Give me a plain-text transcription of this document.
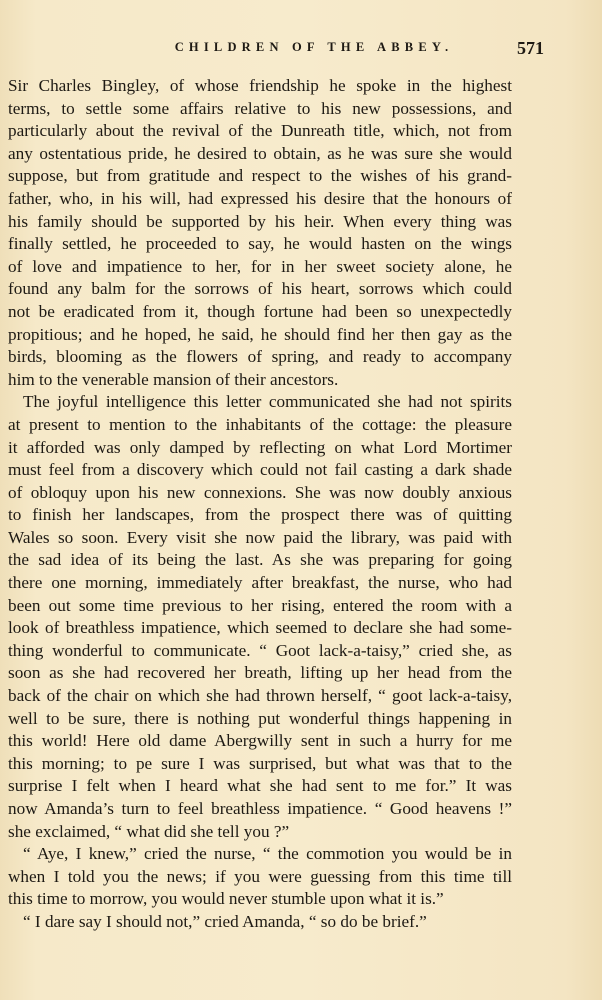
CHILDREN OF THE ABBEY.	571
Sir Charles Bingley, of whose friendship he spoke in the highest
terms, to settle some affairs relative to his new possessions, and
particularly about the revival of the Dunreath title, which, not from
any ostentatious pride, he desired to obtain, as he was sure she would
suppose, but from gratitude and respect to the wishes of his grand-
father, who, in his will, had expressed his desire that the honours of
his family should be supported by his heir. When every thing was
finally settled, he proceeded to say, he would hasten on the wings
of love and impatience to her, for in her sweet society alone, he
found any balm for the sorrows of his heart, sorrows which could
not be eradicated from it, though fortune had been so unexpectedly
propitious; and he hoped, he said, he should find her then gay as the
birds, blooming as the flowers of spring, and ready to accompany
him to the venerable mansion of their ancestors.
The joyful intelligence this letter communicated she had not spirits
at present to mention to the inhabitants of the cottage: the pleasure
it afforded was only damped by reflecting on what Lord Mortimer
must feel from a discovery which could not fail casting a dark shade
of obloquy upon his new connexions. She was now doubly anxious
to finish her landscapes, from the prospect there was of quitting
Wales so soon. Every visit she now paid the library, was paid with
the sad idea of its being the last. As she was preparing for going
there one morning, immediately after breakfast, the nurse, who had
been out some time previous to her rising, entered the room with a
look of breathless impatience, which seemed to declare she had some-
thing wonderful to communicate. “ Goot lack-a-taisy,” cried she, as
soon as she had recovered her breath, lifting up her head from the
back of the chair on which she had thrown herself, “ goot lack-a-taisy,
well to be sure, there is nothing put wonderful things happening in
this world! Here old dame Abergwilly sent in such a hurry for me
this morning; to pe sure I was surprised, but what was that to the
surprise I felt when I heard what she had sent to me for.” It was
now Amanda’s turn to feel breathless impatience. “ Good heavens !”
she exclaimed, “ what did she tell you ?”
“ Aye, I knew,” cried the nurse, “ the commotion you would be in
when I told you the news; if you were guessing from this time till
this time to morrow, you would never stumble upon what it is.”
“ I dare say I should not,” cried Amanda, “ so do be brief.”
